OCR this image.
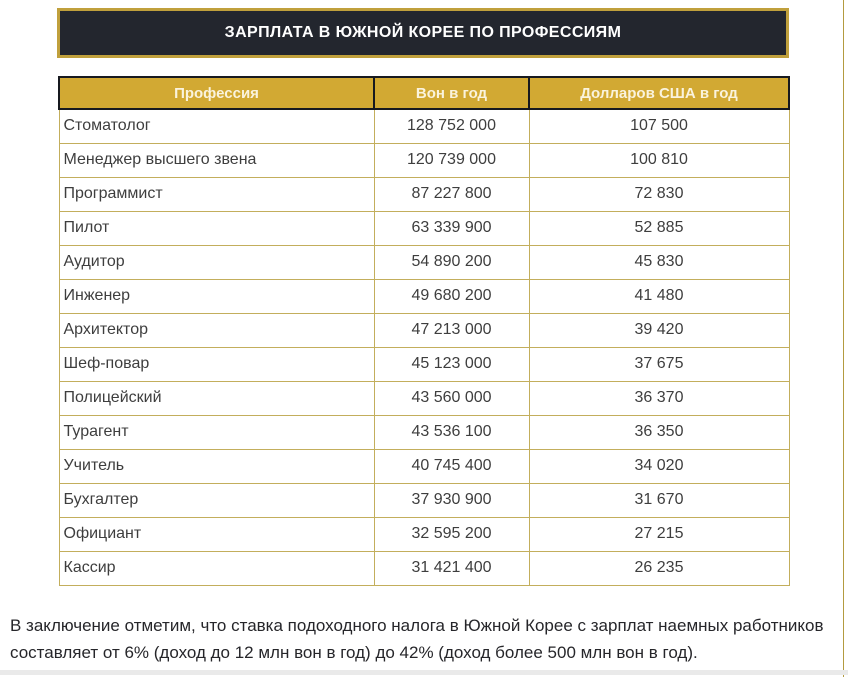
ЗАРПЛАТА В ЮЖНОЙ КОРЕЕ ПО ПРОФЕССИЯМ
Профессия	Вон в год	Долларов США в год
Стоматолог	128 752 000	107 500
Менеджер высшего звена	120 739 000	100 810
Программист	87 227 800	72 830
Пилот	63 339 900	52 885
Аудитор	54 890 200	45 830
Инженер	49 680 200	41 480
Архитектор	47 213 000	39 420
Шеф-повар	45 123 000	37 675
Полицейский	43 560 000	36 370
Турагент	43 536 100	36 350
Учитель	40 745 400	34 020
Бухгалтер	37 930 900	31 670
Официант	32 595 200	27 215
Кассир	31 421 400	26 235

В заключение отметим, что ставка подоходного налога в Южной Корее с зарплат наемных работников составляет от 6% (доход до 12 млн вон в год) до 42% (доход более 500 млн вон в год).
